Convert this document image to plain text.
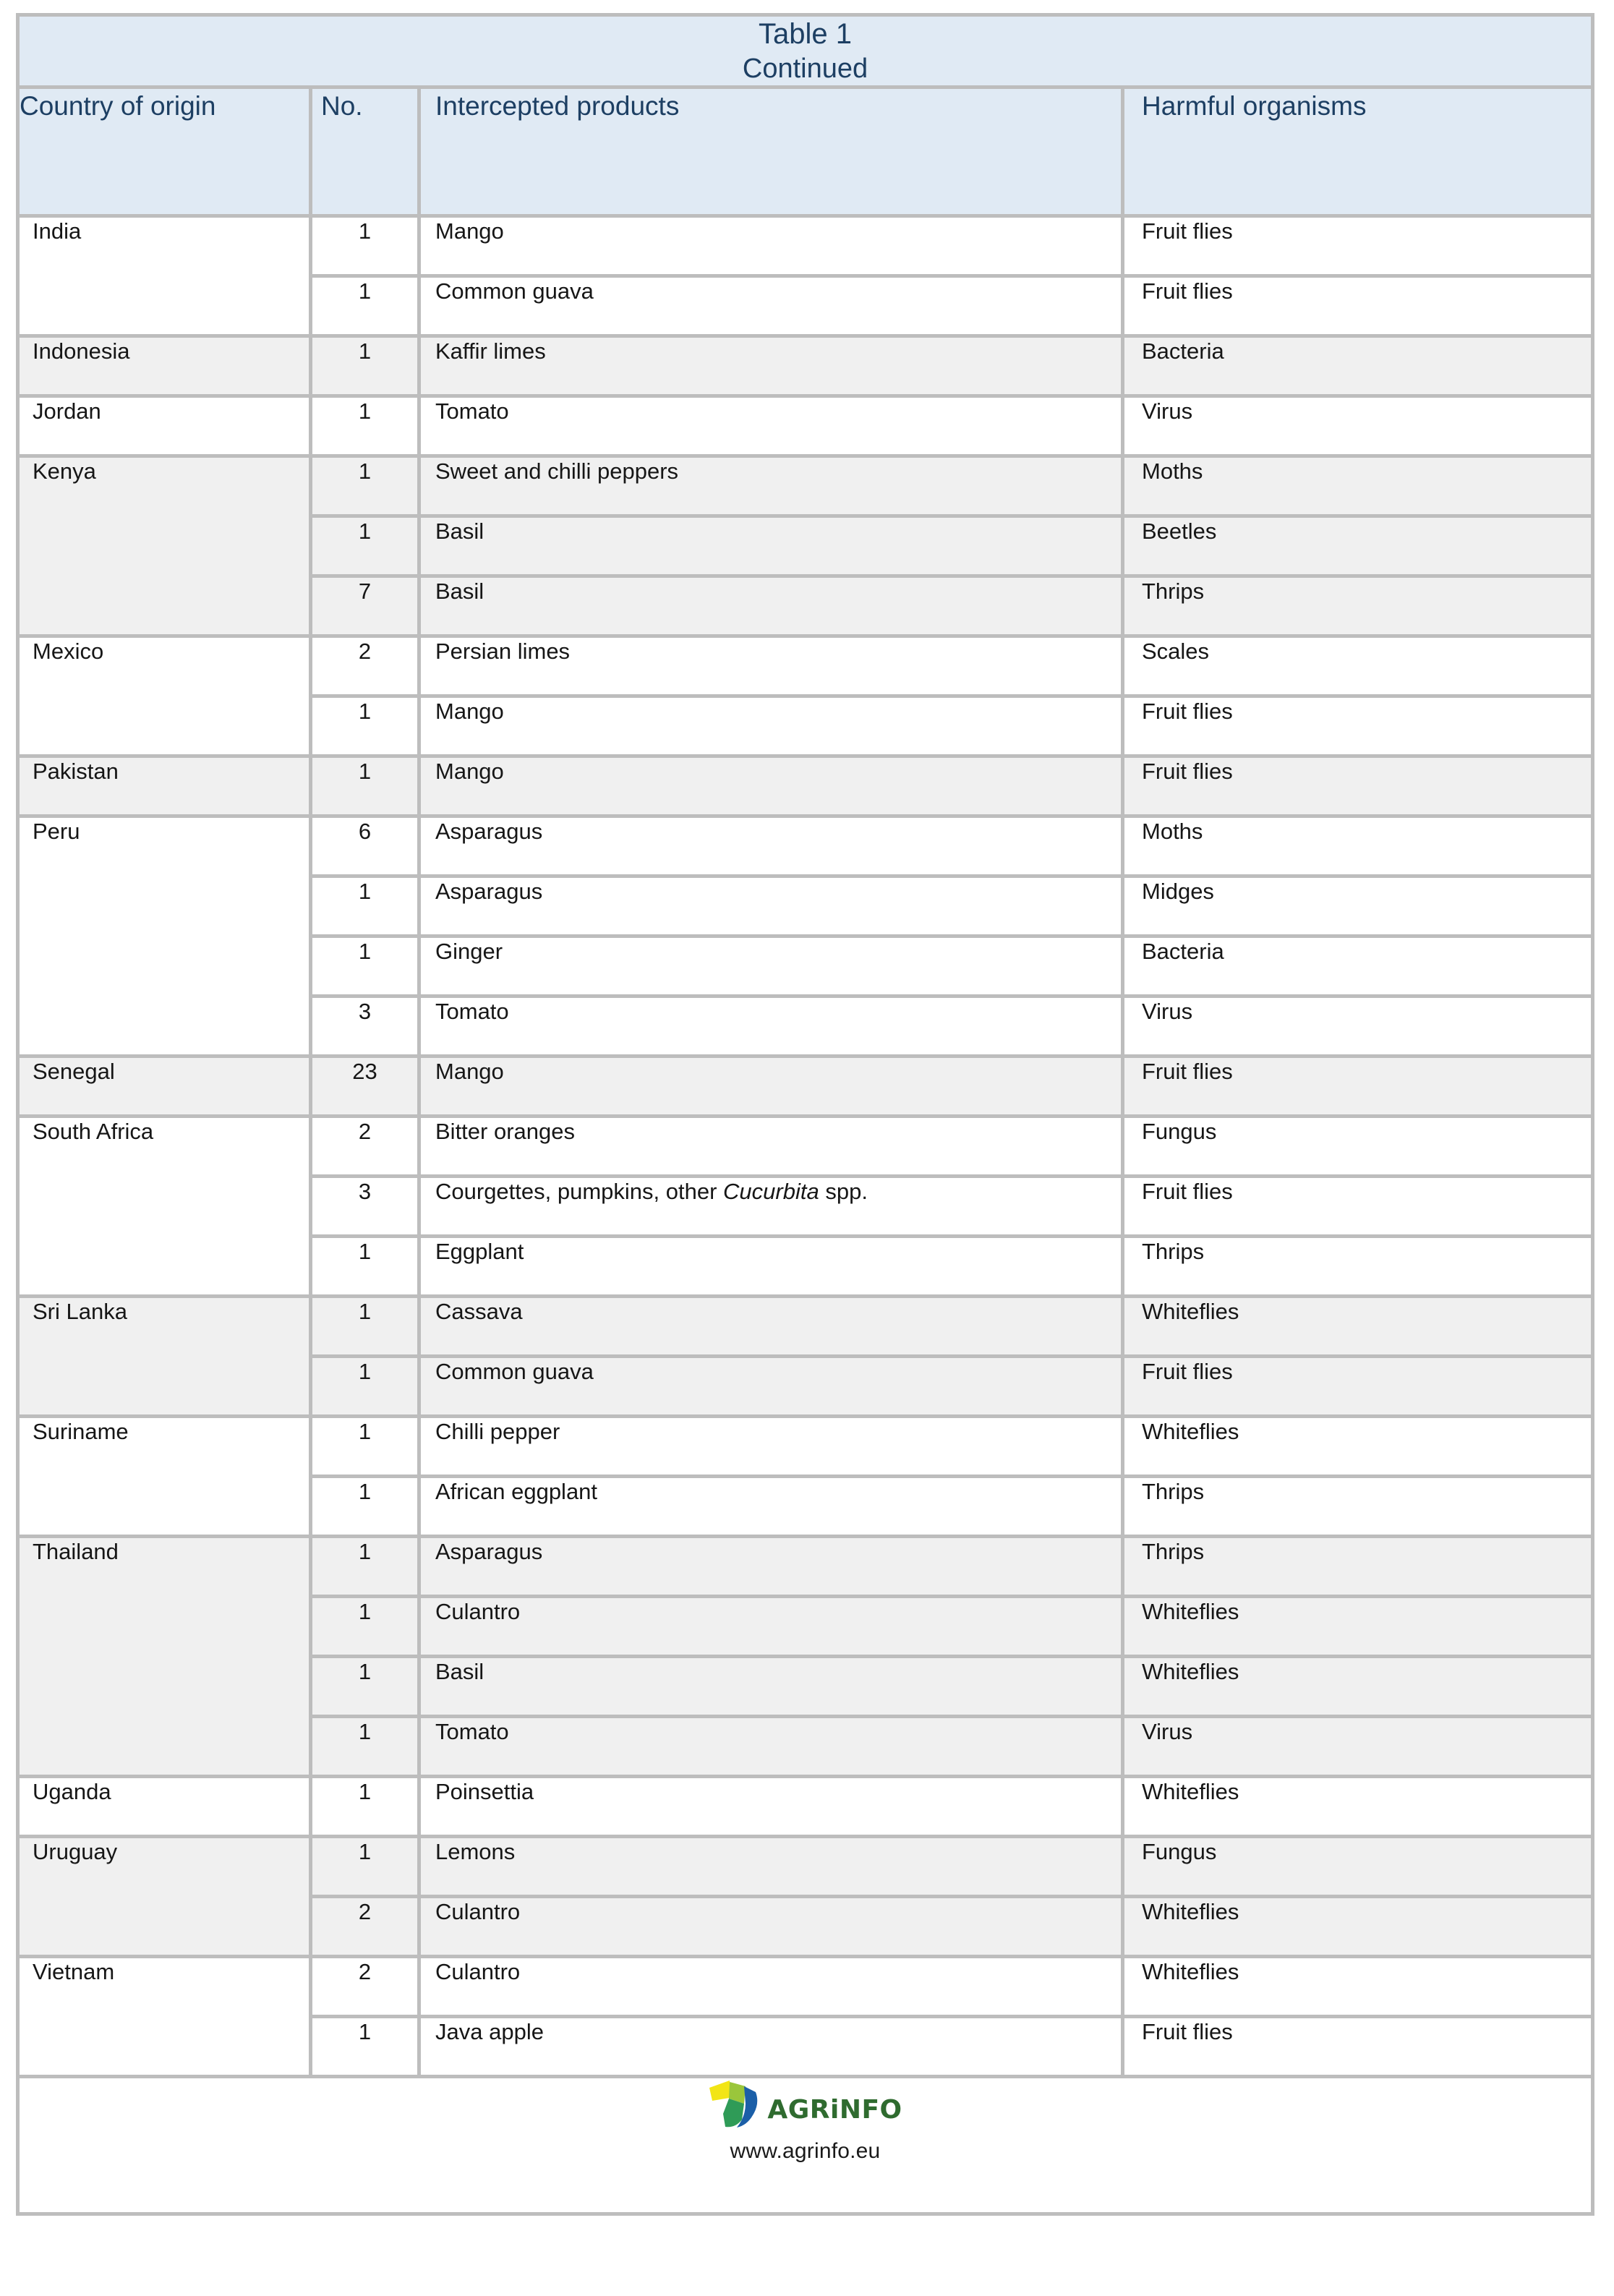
Table 1
Continued			

Country of origin	No.	Intercepted products	Harmful organisms
India	1	Mango	Fruit flies
	1	Common guava	Fruit flies
Indonesia	1	Kaffir limes	Bacteria
Jordan	1	Tomato	Virus
Kenya	1	Sweet and chilli peppers	Moths
	1	Basil	Beetles
	7	Basil	Thrips
Mexico	2	Persian limes	Scales
	1	Mango	Fruit flies
Pakistan	1	Mango	Fruit flies
Peru	6	Asparagus	Moths
	1	Asparagus	Midges
	1	Ginger	Bacteria
	3	Tomato	Virus
Senegal	23	Mango	Fruit flies
South Africa	2	Bitter oranges	Fungus
	3	Courgettes, pumpkins, other Cucurbita spp.	Fruit flies
	1	Eggplant	Thrips
Sri Lanka	1	Cassava	Whiteflies
	1	Common guava	Fruit flies
Suriname	1	Chilli pepper	Whiteflies
	1	African eggplant	Thrips
Thailand	1	Asparagus	Thrips
	1	Culantro	Whiteflies
	1	Basil	Whiteflies
	1	Tomato	Virus
Uganda	1	Poinsettia	Whiteflies
Uruguay	1	Lemons	Fungus
	2	Culantro	Whiteflies
Vietnam	2	Culantro	Whiteflies
	1	Java apple	Fruit flies

AGRiNFO
www.agrinfo.eu			
